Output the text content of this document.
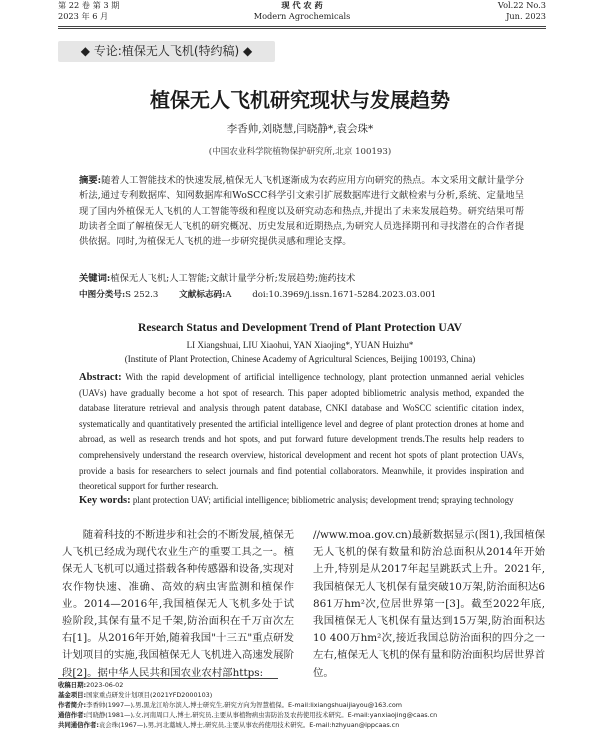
第 22 卷 第 3 期
2023 年 6 月
现 代 农 药
Modern Agrochemicals
Vol.22 No.3
Jun. 2023
◆ 专论:植保无人飞机(特约稿) ◆
植保无人飞机研究现状与发展趋势
李香帅,刘晓慧,闫晓静*,袁会珠*
(中国农业科学院植物保护研究所,北京 100193)
摘要:随着人工智能技术的快速发展,植保无人飞机逐渐成为农药应用方向研究的热点。本文采用文献计量学分析法,通过专利数据库、知网数据库和WoSCC科学引文索引扩展数据库进行文献检索与分析,系统、定量地呈现了国内外植保无人飞机的人工智能等级和程度以及研究动态和热点,并提出了未来发展趋势。研究结果可帮助读者全面了解植保无人飞机的研究概况、历史发展和近期热点,为研究人员选择期刊和寻找潜在的合作者提供依据。同时,为植保无人飞机的进一步研究提供灵感和理论支撑。
关键词:植保无人飞机;人工智能;文献计量学分析;发展趋势;施药技术
中图分类号:S 252.3 文献标志码:A doi:10.3969/j.issn.1671-5284.2023.03.001
Research Status and Development Trend of Plant Protection UAV
LI Xiangshuai, LIU Xiaohui, YAN Xiaojing*, YUAN Huizhu*
(Institute of Plant Protection, Chinese Academy of Agricultural Sciences, Beijing 100193, China)
Abstract: With the rapid development of artificial intelligence technology, plant protection unmanned aerial vehicles (UAVs) have gradually become a hot spot of research. This paper adopted bibliometric analysis method, expanded the database literature retrieval and analysis through patent database, CNKI database and WoSCC scientific citation index, systematically and quantitatively presented the artificial intelligence level and degree of plant protection drones at home and abroad, as well as research trends and hot spots, and put forward future development trends.The results help readers to comprehensively understand the research overview, historical development and recent hot spots of plant protection UAVs, provide a basis for researchers to select journals and find potential collaborators. Meanwhile, it provides inspiration and theoretical support for further research.
Key words: plant protection UAV; artificial intelligence; bibliometric analysis; development trend; spraying technology
随着科技的不断进步和社会的不断发展,植保无人飞机已经成为现代农业生产的重要工具之一。植保无人飞机可以通过搭载各种传感器和设备,实现对农作物快速、准确、高效的病虫害监测和植保作业。2014—2016年,我国植保无人飞机多处于试验阶段,其保有量不足千架,防治面积在千万亩次左右[1]。从2016年开始,随着我国"十三五"重点研发计划项目的实施,我国植保无人飞机进入高速发展阶段[2]。据中华人民共和国农业农村部https:
//www.moa.gov.cn)最新数据显示(图1),我国植保无人飞机的保有数量和防治总面积从2014年开始上升,特别是从2017年起呈跳跃式上升。2021年,我国植保无人飞机保有量突破10万架,防治面积达6 861万hm²次,位居世界第一[3]。截至2022年底,我国植保无人飞机保有量达到15万架,防治面积达10 400万hm²次,接近我国总防治面积的四分之一左右,植保无人飞机的保有量和防治面积均居世界首位。
收稿日期:2023-06-02
基金项目:国家重点研发计划项目(2021YFD2000103)
作者简介:李香帅(1997—),男,黑龙江哈尔滨人,博士研究生,研究方向为智慧植保。E-mail:lixiangshuaijiayou@163.com
通信作者:闫晓静(1981—),女,河南周口人,博士,研究员,主要从事植物病虫害防治及农药使用技术研究。E-mail:yanxiaojing@caas.cn
共同通信作者:袁会珠(1967—),男,河北藁城人,博士,研究员,主要从事农药使用技术研究。E-mail:hzhyuan@ippcaas.cn
